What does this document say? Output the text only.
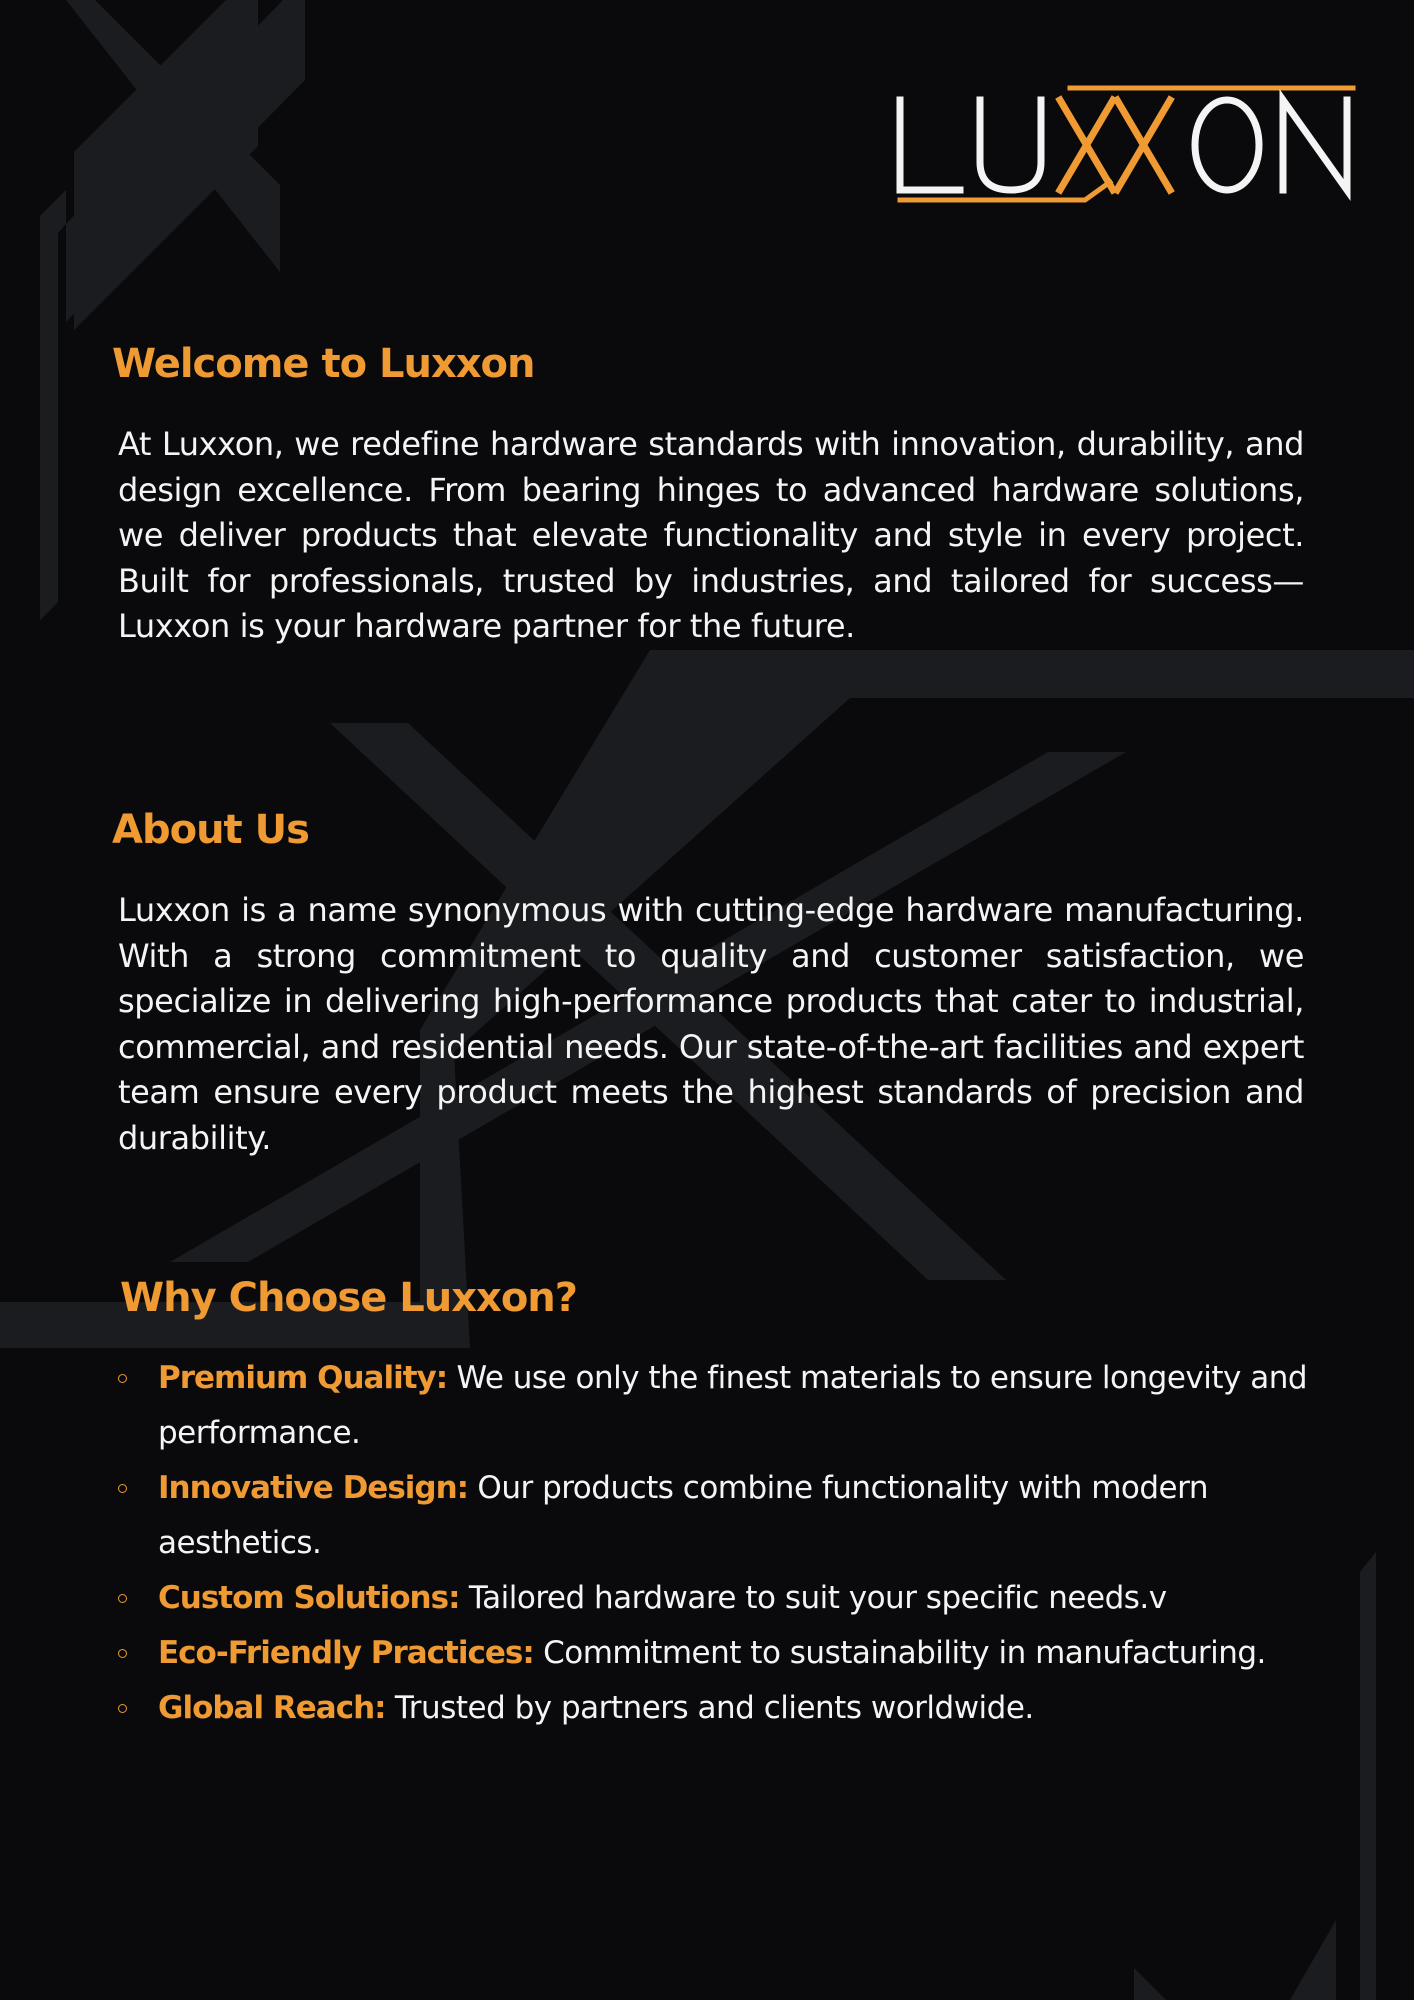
Welcome to Luxxon

At Luxxon, we redefine hardware standards with innovation, durability, and design excellence. From bearing hinges to advanced hardware solutions, we deliver products that elevate functionality and style in every project. Built for professionals, trusted by industries, and tailored for success—Luxxon is your hardware partner for the future.

About Us

Luxxon is a name synonymous with cutting-edge hardware manufacturing. With a strong commitment to quality and customer satisfaction, we specialize in delivering high-performance products that cater to industrial, commercial, and residential needs. Our state-of-the-art facilities and expert team ensure every product meets the highest standards of precision and durability.

Why Choose Luxxon?
Premium Quality: We use only the finest materials to ensure longevity and performance.
Innovative Design: Our products combine functionality with modern aesthetics.
Custom Solutions: Tailored hardware to suit your specific needs.v
Eco-Friendly Practices: Commitment to sustainability in manufacturing.
Global Reach: Trusted by partners and clients worldwide.
